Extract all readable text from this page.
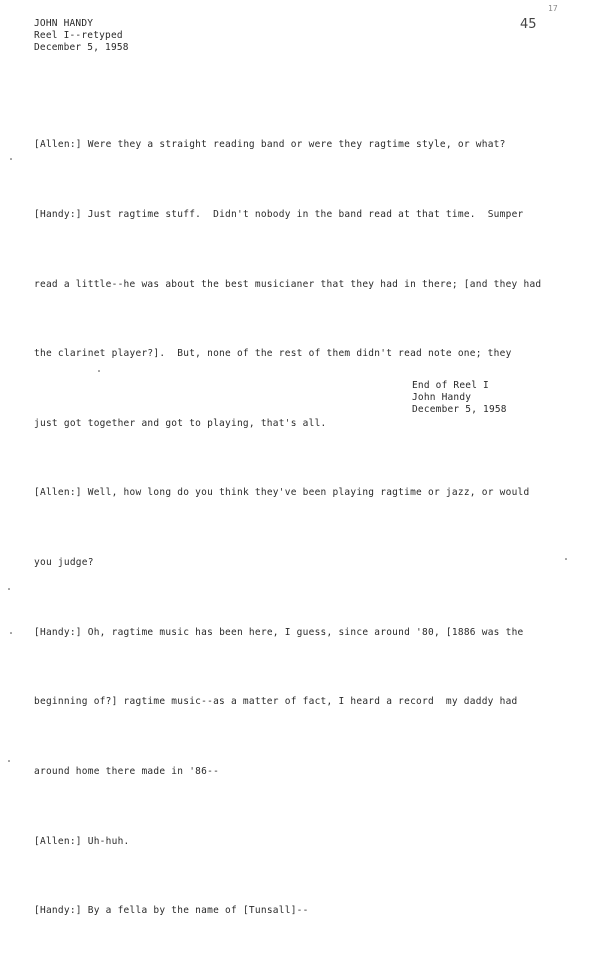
17
JOHN HANDY
Reel I--retyped
December 5, 1958
45

[Allen:] Were they a straight reading band or were they ragtime style, or what?

[Handy:] Just ragtime stuff.  Didn't nobody in the band read at that time.  Sumper

read a little--he was about the best musicianer that they had in there; [and they had

the clarinet player?].  But, none of the rest of them didn't read note one; they

just got together and got to playing, that's all.

[Allen:] Well, how long do you think they've been playing ragtime or jazz, or would

you judge?

[Handy:] Oh, ragtime music has been here, I guess, since around '80, [1886 was the

beginning of?] ragtime music--as a matter of fact, I heard a record  my daddy had

around home there made in '86--

[Allen:] Uh-huh.

[Handy:] By a fella by the name of [Tunsall]--

End of Reel I
John Handy
December 5, 1958
